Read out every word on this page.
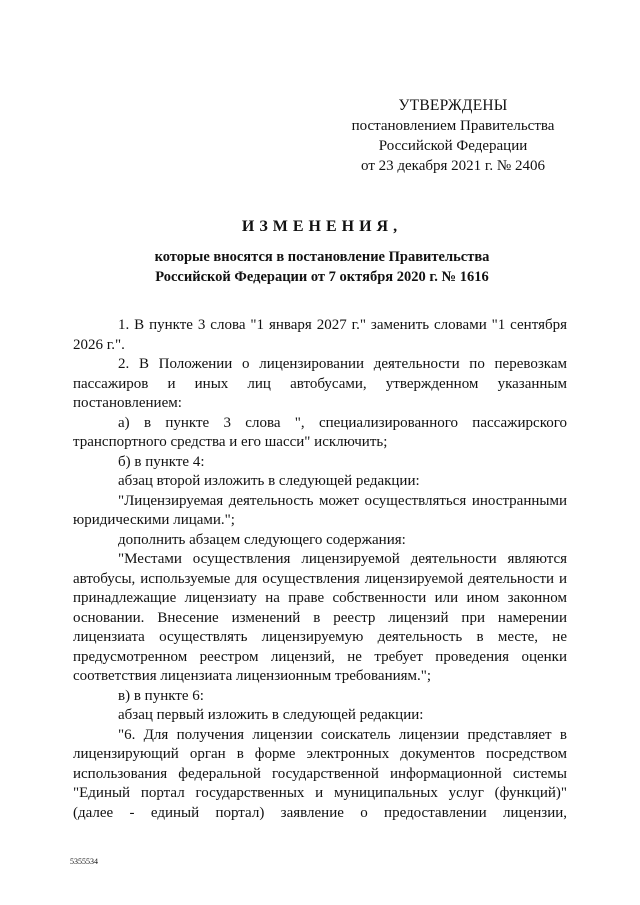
УТВЕРЖДЕНЫ
постановлением Правительства
Российской Федерации
от 23 декабря 2021 г. № 2406
ИЗМЕНЕНИЯ,
которые вносятся в постановление Правительства
Российской Федерации от 7 октября 2020 г. № 1616

1. В пункте 3 слова "1 января 2027 г." заменить словами "1 сентября 2026 г.".

2. В Положении о лицензировании деятельности по перевозкам пассажиров и иных лиц автобусами, утвержденном указанным постановлением:

а) в пункте 3 слова ", специализированного пассажирского транспортного средства и его шасси" исключить;

б) в пункте 4:

абзац второй изложить в следующей редакции:

"Лицензируемая деятельность может осуществляться иностранными юридическими лицами.";

дополнить абзацем следующего содержания:

"Местами осуществления лицензируемой деятельности являются автобусы, используемые для осуществления лицензируемой деятельности и принадлежащие лицензиату на праве собственности или ином законном основании. Внесение изменений в реестр лицензий при намерении лицензиата осуществлять лицензируемую деятельность в месте, не предусмотренном реестром лицензий, не требует проведения оценки соответствия лицензиата лицензионным требованиям.";

в) в пункте 6:

абзац первый изложить в следующей редакции:

"6. Для получения лицензии соискатель лицензии представляет в лицензирующий орган в форме электронных документов посредством использования федеральной государственной информационной системы "Единый портал государственных и муниципальных услуг (функций)" (далее - единый портал) заявление о предоставлении лицензии,

5355534
